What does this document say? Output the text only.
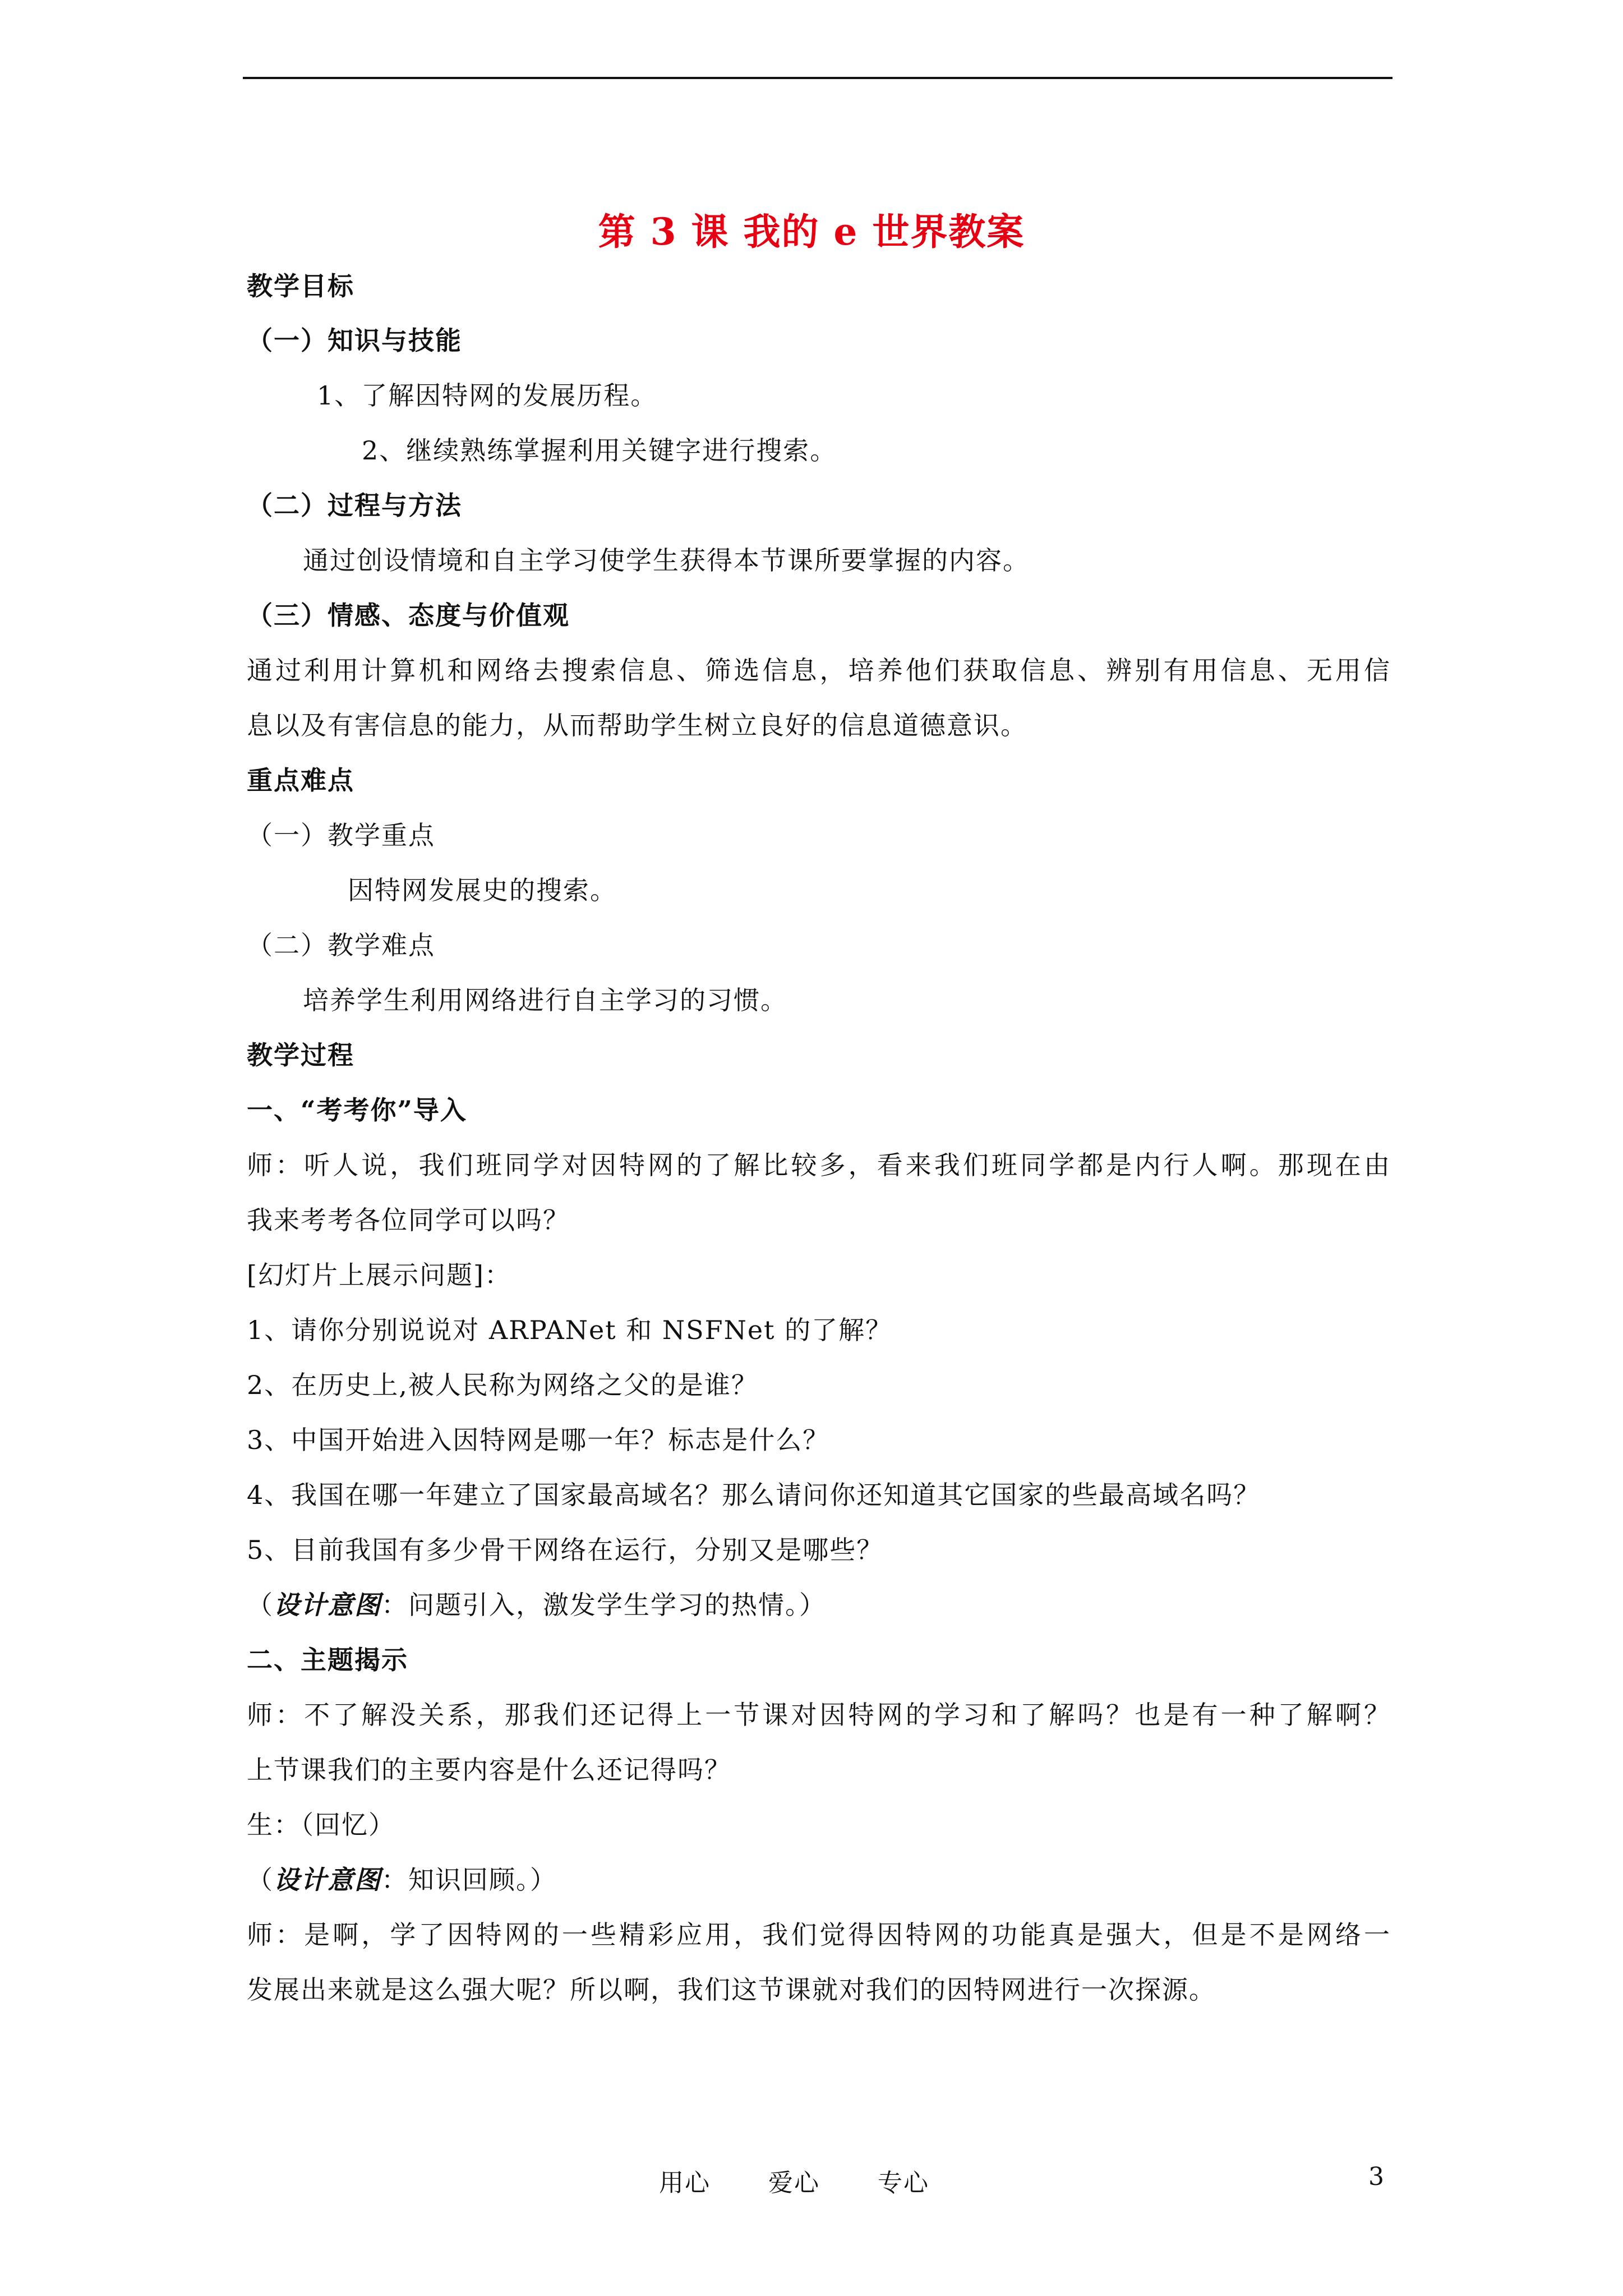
第 3 课 我的 e 世界教案
教学目标
（一）知识与技能
1、了解因特网的发展历程。
2、继续熟练掌握利用关键字进行搜索。
（二）过程与方法
通过创设情境和自主学习使学生获得本节课所要掌握的内容。
（三）情感、态度与价值观
通过利用计算机和网络去搜索信息、筛选信息，培养他们获取信息、辨别有用信息、无用信
息以及有害信息的能力，从而帮助学生树立良好的信息道德意识。
重点难点
（一）教学重点
因特网发展史的搜索。
（二）教学难点
培养学生利用网络进行自主学习的习惯。
教学过程
一、“考考你”导入
师：听人说，我们班同学对因特网的了解比较多，看来我们班同学都是内行人啊。那现在由
我来考考各位同学可以吗？
[幻灯片上展示问题]：
1、请你分别说说对 ARPANet 和 NSFNet 的了解？
2、在历史上,被人民称为网络之父的是谁？
3、中国开始进入因特网是哪一年？标志是什么？
4、我国在哪一年建立了国家最高域名？那么请问你还知道其它国家的些最高域名吗？
5、目前我国有多少骨干网络在运行，分别又是哪些？
（设计意图：问题引入，激发学生学习的热情。）
二、主题揭示
师：不了解没关系，那我们还记得上一节课对因特网的学习和了解吗？也是有一种了解啊？
上节课我们的主要内容是什么还记得吗？
生：（回忆）
（设计意图：知识回顾。）
师：是啊，学了因特网的一些精彩应用，我们觉得因特网的功能真是强大，但是不是网络一
发展出来就是这么强大呢？所以啊，我们这节课就对我们的因特网进行一次探源。
用心 爱心 专心	3
